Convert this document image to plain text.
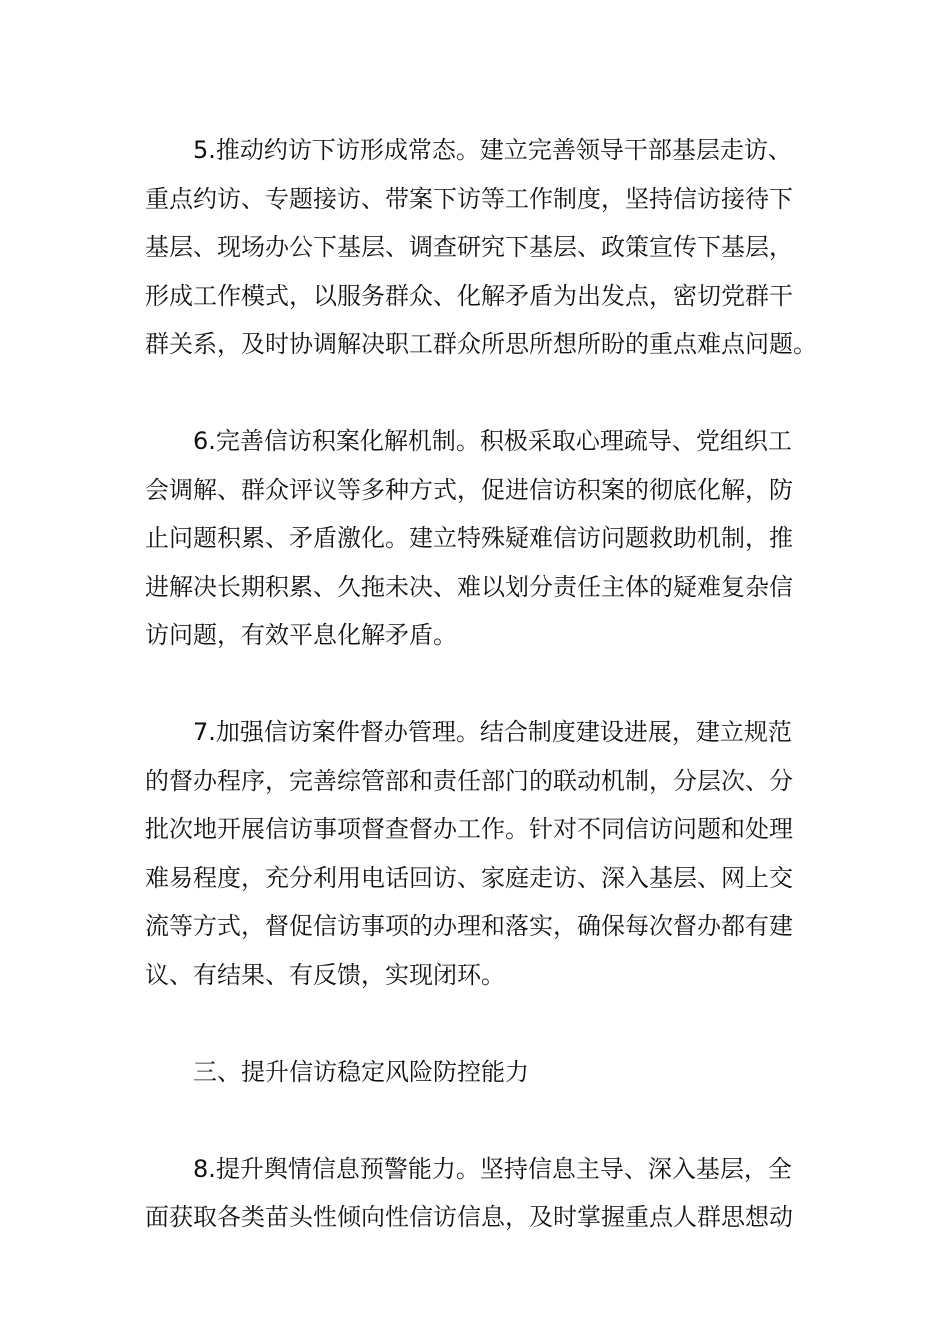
5.推动约访下访形成常态。建立完善领导干部基层走访、
重点约访、专题接访、带案下访等工作制度，坚持信访接待下
基层、现场办公下基层、调查研究下基层、政策宣传下基层，
形成工作模式，以服务群众、化解矛盾为出发点，密切党群干
群关系，及时协调解决职工群众所思所想所盼的重点难点问题。

6.完善信访积案化解机制。积极采取心理疏导、党组织工
会调解、群众评议等多种方式，促进信访积案的彻底化解，防
止问题积累、矛盾激化。建立特殊疑难信访问题救助机制，推
进解决长期积累、久拖未决、难以划分责任主体的疑难复杂信
访问题，有效平息化解矛盾。

7.加强信访案件督办管理。结合制度建设进展，建立规范
的督办程序，完善综管部和责任部门的联动机制，分层次、分
批次地开展信访事项督查督办工作。针对不同信访问题和处理
难易程度，充分利用电话回访、家庭走访、深入基层、网上交
流等方式，督促信访事项的办理和落实，确保每次督办都有建
议、有结果、有反馈，实现闭环。

三、提升信访稳定风险防控能力

8.提升舆情信息预警能力。坚持信息主导、深入基层，全
面获取各类苗头性倾向性信访信息，及时掌握重点人群思想动
